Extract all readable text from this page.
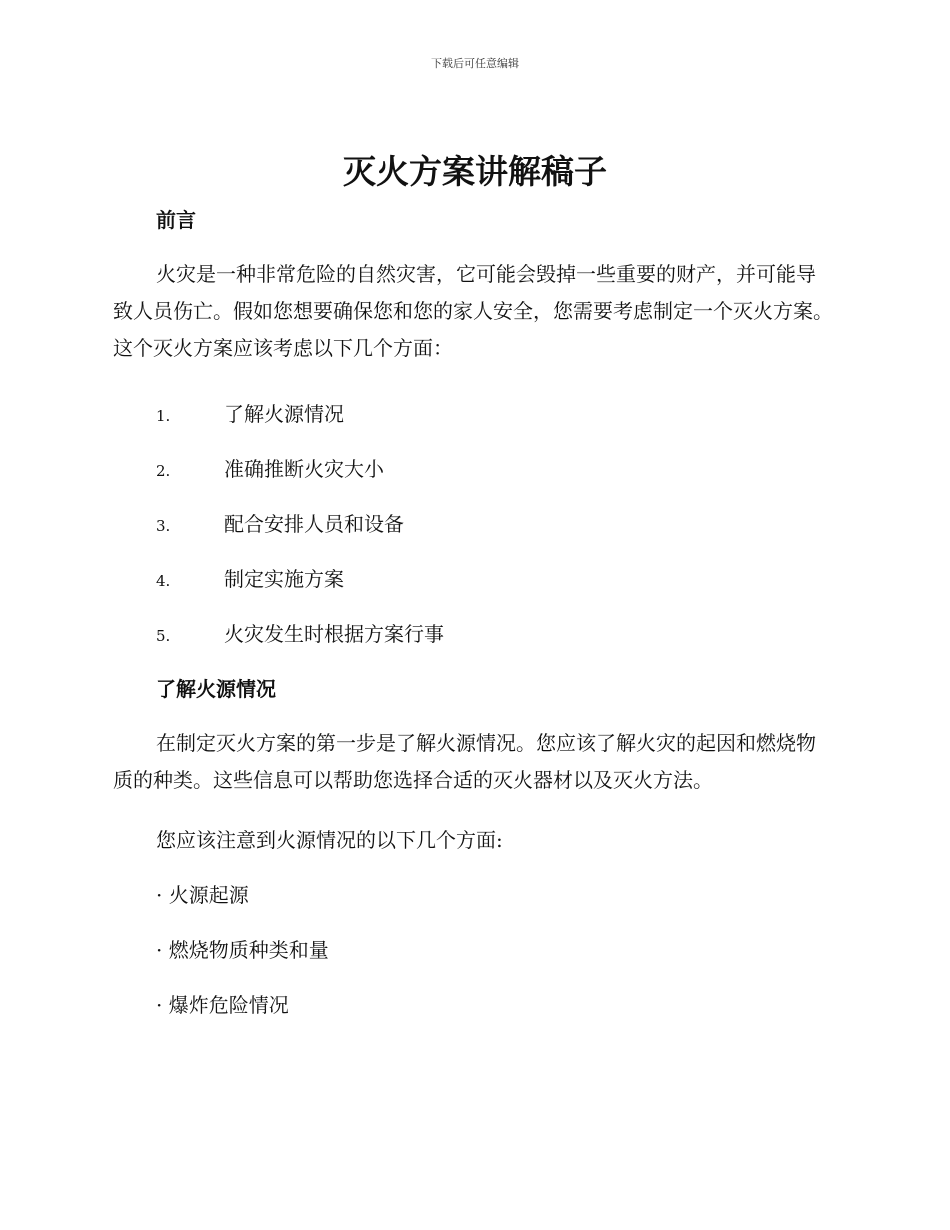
下载后可任意编辑
灭火方案讲解稿子
前言

火灾是一种非常危险的自然灾害，它可能会毁掉一些重要的财产，并可能导致人员伤亡。假如您想要确保您和您的家人安全，您需要考虑制定一个灭火方案。这个灭火方案应该考虑以下几个方面：

1.	了解火源情况
2.	准确推断火灾大小
3.	配合安排人员和设备
4.	制定实施方案
5.	火灾发生时根据方案行事
了解火源情况

在制定灭火方案的第一步是了解火源情况。您应该了解火灾的起因和燃烧物质的种类。这些信息可以帮助您选择合适的灭火器材以及灭火方法。

您应该注意到火源情况的以下几个方面:

· 火源起源
· 燃烧物质种类和量
· 爆炸危险情况
